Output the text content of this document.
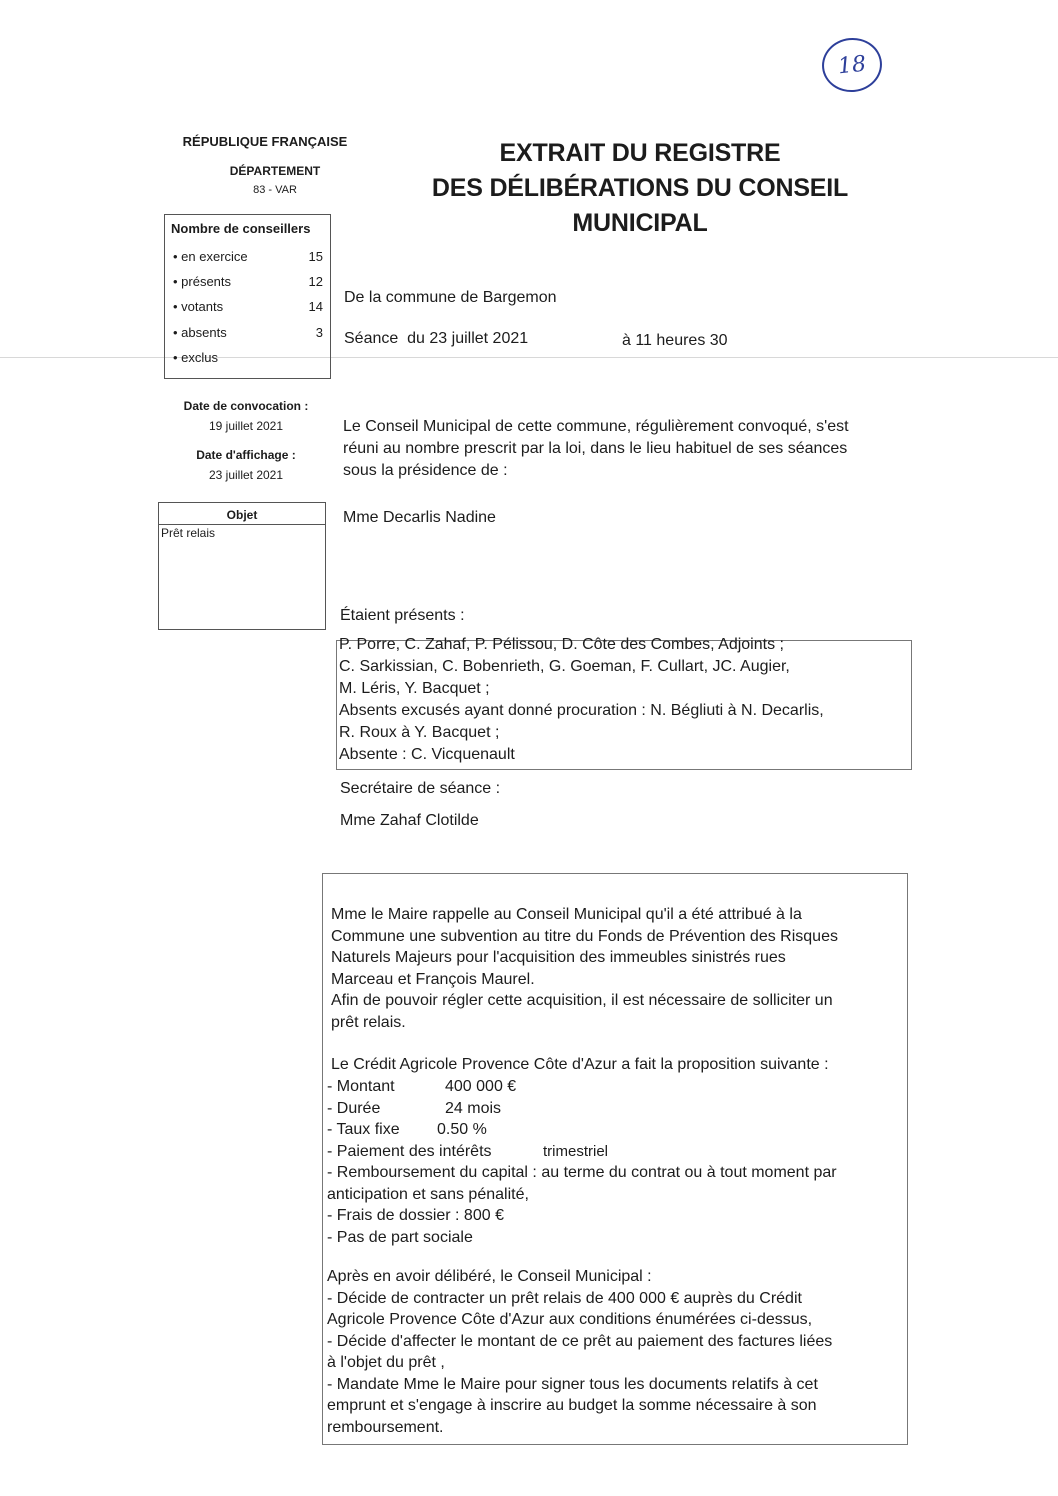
18
RÉPUBLIQUE FRANÇAISE
DÉPARTEMENT
83 - VAR
EXTRAIT DU REGISTRE
DES DÉLIBÉRATIONS DU CONSEIL
MUNICIPAL
Nombre de conseillers
• en exercice	15
• présents	12
• votants	14
• absents	3
• exclus
Date de convocation :
19 juillet 2021
Date d'affichage :
23 juillet 2021
Objet
Prêt relais
De la commune de Bargemon
Séance  du 23 juillet 2021	à 11 heures 30

Le Conseil Municipal de cette commune, régulièrement convoqué, s'est

réuni au nombre prescrit par la loi, dans le lieu habituel de ses séances

sous la présidence de :

Mme Decarlis Nadine
Étaient présents :

P. Porre, C. Zahaf, P. Pélissou, D. Côte des Combes, Adjoints ;

C. Sarkissian, C. Bobenrieth, G. Goeman, F. Cullart, JC. Augier,

M. Léris, Y. Bacquet ;

Absents excusés ayant donné procuration : N. Bégliuti à N. Decarlis,

R. Roux à Y. Bacquet ;

Absente : C. Vicquenault

Secrétaire de séance :
Mme Zahaf Clotilde

Mme le Maire rappelle au Conseil Municipal qu'il a été attribué à la

Commune une subvention au titre du Fonds de Prévention des Risques

Naturels Majeurs pour l'acquisition des immeubles sinistrés rues

Marceau et François Maurel.

Afin de pouvoir régler cette acquisition, il est nécessaire de solliciter un

prêt relais.

Le Crédit Agricole Provence Côte d'Azur a fait la proposition suivante :

- Montant	400 000 €

- Durée	24 mois

- Taux fixe 0.50 %

- Paiement des intérêts	trimestriel

- Remboursement du capital : au terme du contrat ou à tout moment par

anticipation et sans pénalité,

- Frais de dossier : 800 €

- Pas de part sociale

Après en avoir délibéré, le Conseil Municipal :

- Décide de contracter un prêt relais de 400 000 € auprès du Crédit

Agricole Provence Côte d'Azur aux conditions énumérées ci-dessus,

- Décide d'affecter le montant de ce prêt au paiement des factures liées

à l'objet du prêt ,

- Mandate Mme le Maire pour signer tous les documents relatifs à cet

emprunt et s'engage à inscrire au budget la somme nécessaire à son

remboursement.
